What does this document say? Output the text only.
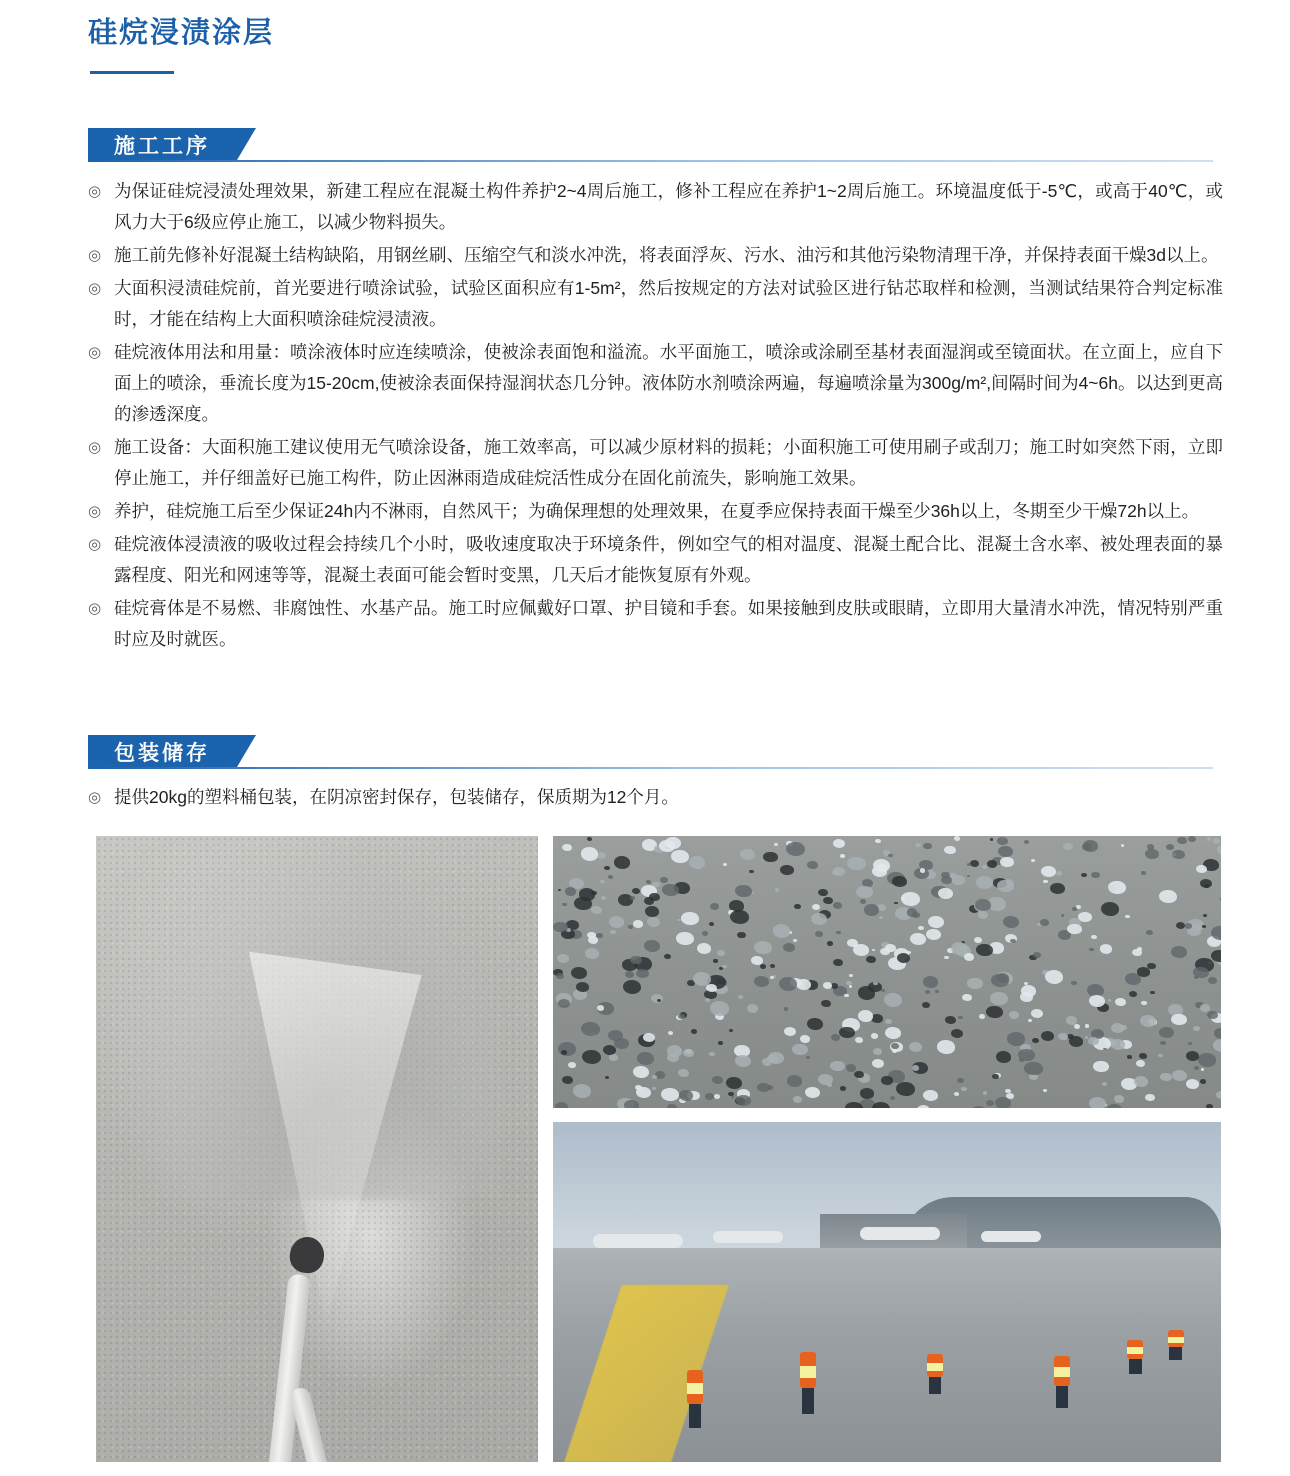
硅烷浸渍涂层
施工工序
◎ 为保证硅烷浸渍处理效果，新建工程应在混凝土构件养护2~4周后施工，修补工程应在养护1~2周后施工。环境温度低于-5℃，或高于40℃，或风力大于6级应停止施工，以减少物料损失。
◎ 施工前先修补好混凝土结构缺陷，用钢丝刷、压缩空气和淡水冲洗，将表面浮灰、污水、油污和其他污染物清理干净，并保持表面干燥3d以上。
◎ 大面积浸渍硅烷前，首光要进行喷涂试验，试验区面积应有1-5m²，然后按规定的方法对试验区进行钻芯取样和检测，当测试结果符合判定标准时，才能在结构上大面积喷涂硅烷浸渍液。
◎ 硅烷液体用法和用量：喷涂液体时应连续喷涂，使被涂表面饱和溢流。水平面施工，喷涂或涂刷至基材表面湿润或至镜面状。在立面上，应自下面上的喷涂，垂流长度为15-20cm,使被涂表面保持湿润状态几分钟。液体防水剂喷涂两遍，每遍喷涂量为300g/m²,间隔时间为4~6h。以达到更高的渗透深度。
◎ 施工设备：大面积施工建议使用无气喷涂设备，施工效率高，可以减少原材料的损耗；小面积施工可使用刷子或刮刀；施工时如突然下雨，立即停止施工，并仔细盖好已施工构件，防止因淋雨造成硅烷活性成分在固化前流失，影响施工效果。
◎ 养护，硅烷施工后至少保证24h内不淋雨，自然风干；为确保理想的处理效果，在夏季应保持表面干燥至少36h以上，冬期至少干燥72h以上。
◎ 硅烷液体浸渍液的吸收过程会持续几个小时，吸收速度取决于环境条件，例如空气的相对温度、混凝土配合比、混凝土含水率、被处理表面的暴露程度、阳光和网速等等，混凝土表面可能会暂时变黑，几天后才能恢复原有外观。
◎ 硅烷膏体是不易燃、非腐蚀性、水基产品。施工时应佩戴好口罩、护目镜和手套。如果接触到皮肤或眼睛，立即用大量清水冲洗，情况特别严重时应及时就医。
包装储存
◎ 提供20kg的塑料桶包装，在阴凉密封保存，包装储存，保质期为12个月。
